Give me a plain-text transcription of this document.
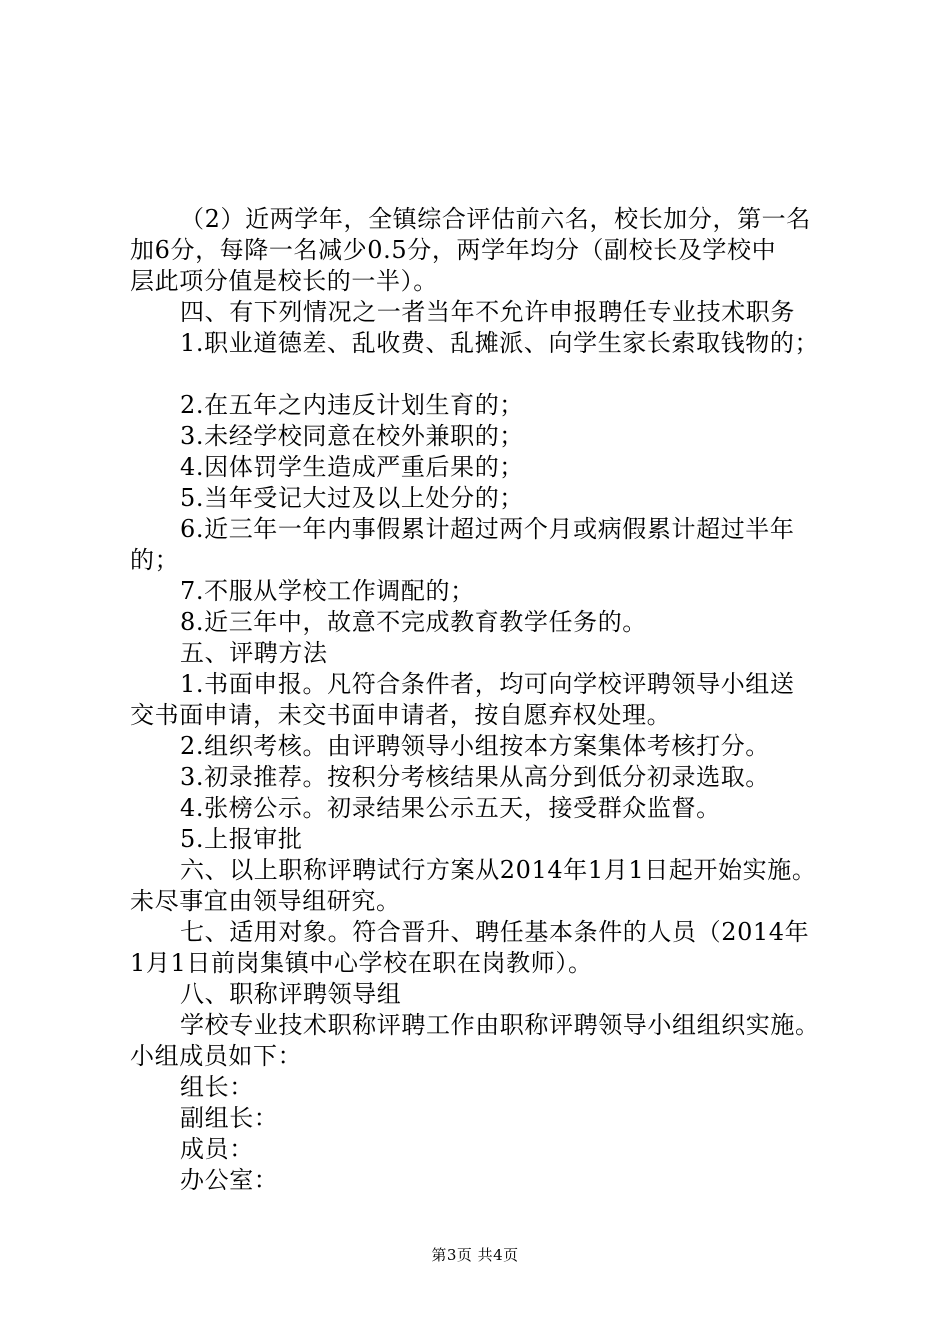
（2）近两学年，全镇综合评估前六名，校长加分，第一名
加6分，每降一名减少0.5分，两学年均分（副校长及学校中
层此项分值是校长的一半）。
四、有下列情况之一者当年不允许申报聘任专业技术职务
1.职业道德差、乱收费、乱摊派、向学生家长索取钱物的；
2.在五年之内违反计划生育的；
3.未经学校同意在校外兼职的；
4.因体罚学生造成严重后果的；
5.当年受记大过及以上处分的；
6.近三年一年内事假累计超过两个月或病假累计超过半年
的；
7.不服从学校工作调配的；
8.近三年中，故意不完成教育教学任务的。
五、评聘方法
1.书面申报。凡符合条件者，均可向学校评聘领导小组送
交书面申请，未交书面申请者，按自愿弃权处理。
2.组织考核。由评聘领导小组按本方案集体考核打分。
3.初录推荐。按积分考核结果从高分到低分初录选取。
4.张榜公示。初录结果公示五天，接受群众监督。
5.上报审批
六、以上职称评聘试行方案从2014年1月1日起开始实施。
未尽事宜由领导组研究。
七、适用对象。符合晋升、聘任基本条件的人员（2014年
1月1日前岗集镇中心学校在职在岗教师）。
八、职称评聘领导组
学校专业技术职称评聘工作由职称评聘领导小组组织实施。
小组成员如下：
组长：
副组长：
成员：
办公室：
第3页 共4页
